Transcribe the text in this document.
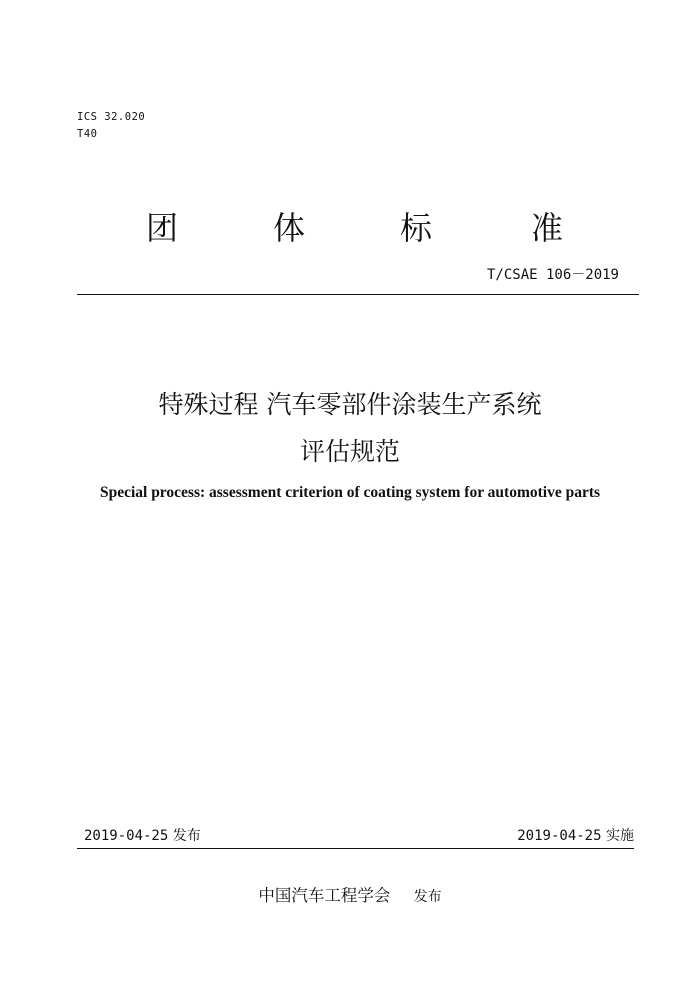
ICS 32.020
T40
团	体	标	准
T/CSAE 106－2019
特殊过程 汽车零部件涂装生产系统
评估规范
Special process: assessment criterion of coating system for automotive parts
2019-04-25 发布	2019-04-25 实施
中国汽车工程学会 发布
